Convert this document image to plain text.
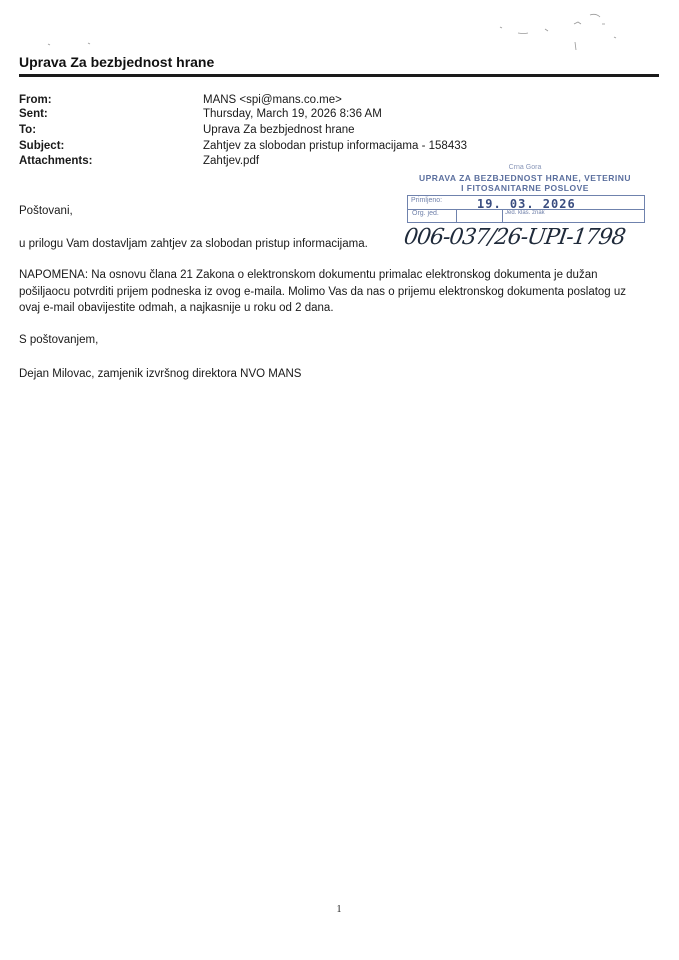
Uprava Za bezbjednost hrane
From:	MANS <spi@mans.co.me>
Sent:	Thursday, March 19, 2026 8:36 AM
To:	Uprava Za bezbjednost hrane
Subject:	Zahtjev za slobodan pristup informacijama - 158433
Attachments:	Zahtjev.pdf
Crna Gora
UPRAVA ZA BEZBJEDNOST HRANE, VETERINU
I FITOSANITARNE POSLOVE
Primljeno:	19. 03. 2026
Org. jed.	Jed. klas. znak
006-037/26-UPI-1798
Poštovani,
u prilogu Vam dostavljam zahtjev za slobodan pristup informacijama.
NAPOMENA: Na osnovu člana 21 Zakona o elektronskom dokumentu primalac elektronskog dokumenta je dužan
pošiljaocu potvrditi prijem podneska iz ovog e-maila. Molimo Vas da nas o prijemu elektronskog dokumenta poslatog uz
ovaj e-mail obavijestite odmah, a najkasnije u roku od 2 dana.
S poštovanjem,
Dejan Milovac, zamjenik izvršnog direktora NVO MANS
1
